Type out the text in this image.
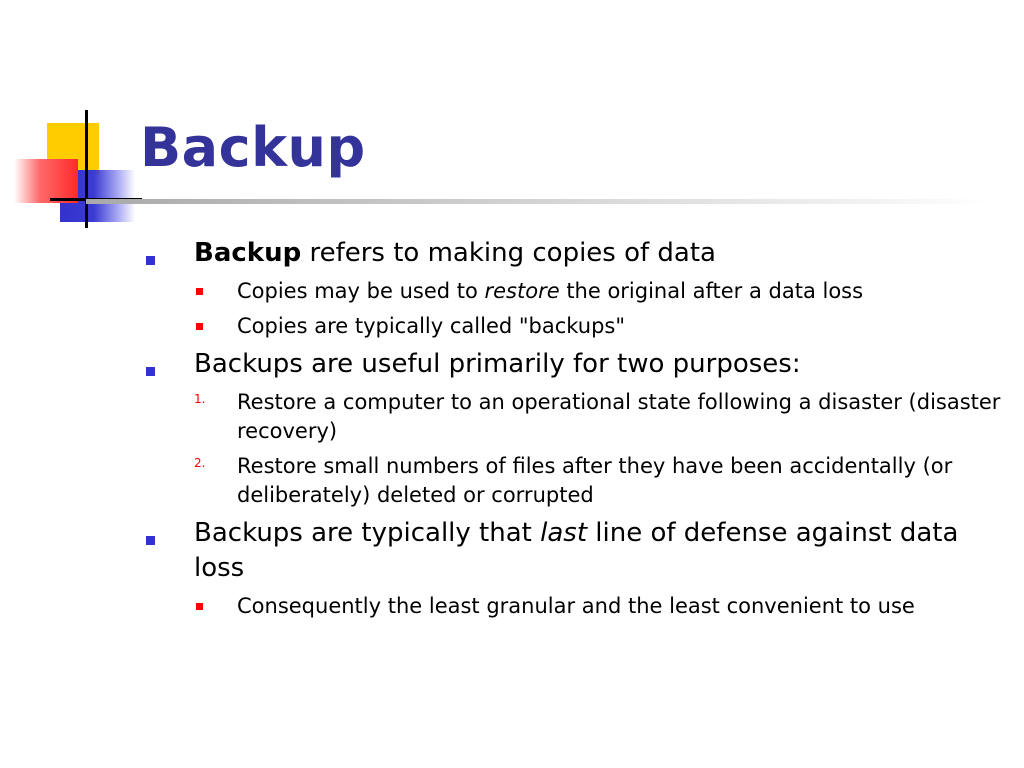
Backup
Backup refers to making copies of data
Copies may be used to restore the original after a data loss
Copies are typically called "backups"
Backups are useful primarily for two purposes:
1. Restore a computer to an operational state following a disaster (disaster recovery)
2. Restore small numbers of files after they have been accidentally (or deliberately) deleted or corrupted
Backups are typically that last line of defense against data loss
Consequently the least granular and the least convenient to use
